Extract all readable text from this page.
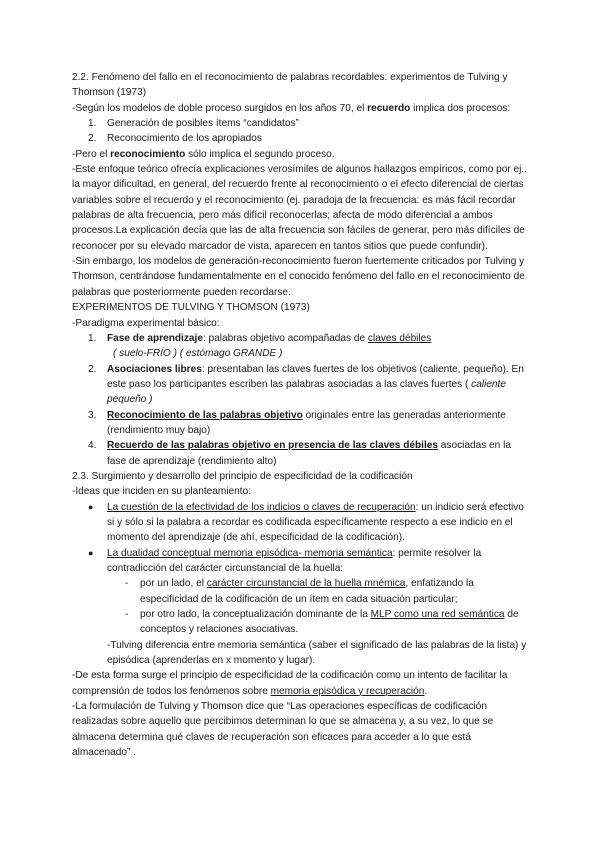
2.2. Fenómeno del fallo en el reconocimiento de palabras recordables: experimentos de Tulving y Thomson (1973)

-Según los modelos de doble proceso surgidos en los años 70, el recuerdo implica dos procesos:

1. Generación de posibles ítems “candidatos”
2. Reconocimiento de los apropiados

-Pero el reconocimiento sólo implica el segundo proceso.

-Este enfoque teórico ofrecía explicaciones verosímiles de algunos hallazgos empíricos, como por ej., la mayor dificultad, en general, del recuerdo frente al reconocimiento o el efecto diferencial de ciertas variables sobre el recuerdo y el reconocimiento (ej. paradoja de la frecuencia: es más fácil recordar palabras de alta frecuencia, pero más difícil reconocerlas; afecta de modo diferencial a ambos procesos.La explicación decía que las de alta frecuencia son fáciles de generar, pero más difíciles de reconocer por su elevado marcador de vista, aparecen en tantos sitios que puede confundir).

-Sin embargo, los modelos de generación-reconocimiento fueron fuertemente criticados por Tulving y Thomson, centrándose fundamentalmente en el conocido fenómeno del fallo en el reconocimiento de palabras que posteriormente pueden recordarse.

EXPERIMENTOS DE TULVING Y THOMSON (1973)

-Paradigma experimental básico:

1. Fase de aprendizaje: palabras objetivo acompañadas de claves débiles
( suelo-FRÍO ) ( estómago GRANDE )
2. Asociaciones libres: presentaban las claves fuertes de los objetivos (caliente, pequeño). En este paso los participantes escriben las palabras asociadas a las claves fuertes ( caliente pequeño )
3. Reconocimiento de las palabras objetivo originales entre las generadas anteriormente (rendimiento muy bajo)
4. Recuerdo de las palabras objetivo en presencia de las claves débiles asociadas en la fase de aprendizaje (rendimiento alto)

2.3. Surgimiento y desarrollo del principio de especificidad de la codificación

-Ideas que inciden en su planteamiento:

● La cuestión de la efectividad de los indicios o claves de recuperación: un indicio será efectivo si y sólo si la palabra a recordar es codificada específicamente respecto a ese indicio en el momento del aprendizaje (de ahí, especificidad de la codificación).
● La dualidad conceptual memoria episódica- memoria semántica: permite resolver la contradicción del carácter circunstancial de la huella:
- por un lado, el carácter circunstancial de la huella mnémica, enfatizando la especificidad de la codificación de un ítem en cada situación particular;
- por otro lado, la conceptualización dominante de la MLP como una red semántica de conceptos y relaciones asociativas.

-Tulving diferencia entre memoria semántica (saber el significado de las palabras de la lista) y episódica (aprenderlas en x momento y lugar).

-De esta forma surge el principio de especificidad de la codificación como un intento de facilitar la comprensión de todos los fenómenos sobre memoria episódica y recuperación.

-La formulación de Tulving y Thomson dice que “Las operaciones específicas de codificación realizadas sobre aquello que percibimos determinan lo que se almacena y, a su vez, lo que se almacena determina qué claves de recuperación son eficaces para acceder a lo que está almacenado” .
